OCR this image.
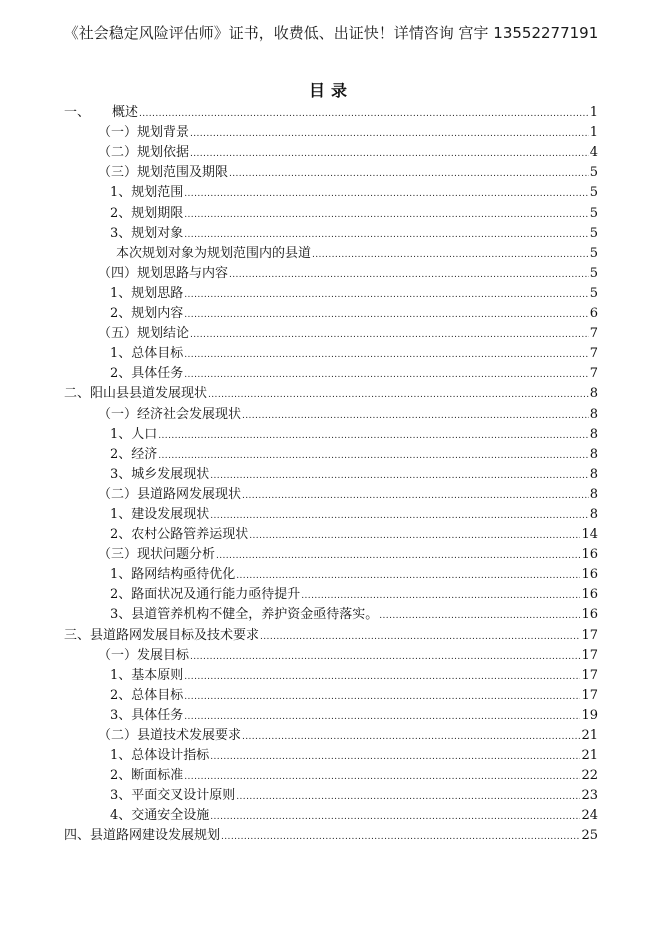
《社会稳定风险评估师》证书，收费低、出证快！详情咨询 宫宇 13552277191
目录
一、 概述 .....	1
（一）规划背景 .....	1
（二）规划依据 .....	4
（三）规划范围及期限 .....	5
1、规划范围 .....	5
2、规划期限 .....	5
3、规划对象 .....	5
本次规划对象为规划范围内的县道 .....	5
（四）规划思路与内容 .....	5
1、规划思路 .....	5
2、规划内容 .....	6
（五）规划结论 .....	7
1、总体目标 .....	7
2、具体任务 .....	7
二、阳山县县道发展现状 .....	8
（一）经济社会发展现状 .....	8
1、人口 .....	8
2、经济 .....	8
3、城乡发展现状 .....	8
（二）县道路网发展现状 .....	8
1、建设发展现状 .....	8
2、农村公路管养运现状 .....	14
（三）现状问题分析 .....	16
1、路网结构亟待优化 .....	16
2、路面状况及通行能力亟待提升 .....	16
3、县道管养机构不健全，养护资金亟待落实。 .....	16
三、县道路网发展目标及技术要求 .....	17
（一）发展目标 .....	17
1、基本原则 .....	17
2、总体目标 .....	17
3、具体任务 .....	19
（二）县道技术发展要求 .....	21
1、总体设计指标 .....	21
2、断面标准 .....	22
3、平面交叉设计原则 .....	23
4、交通安全设施 .....	24
四、县道路网建设发展规划 .....	25
